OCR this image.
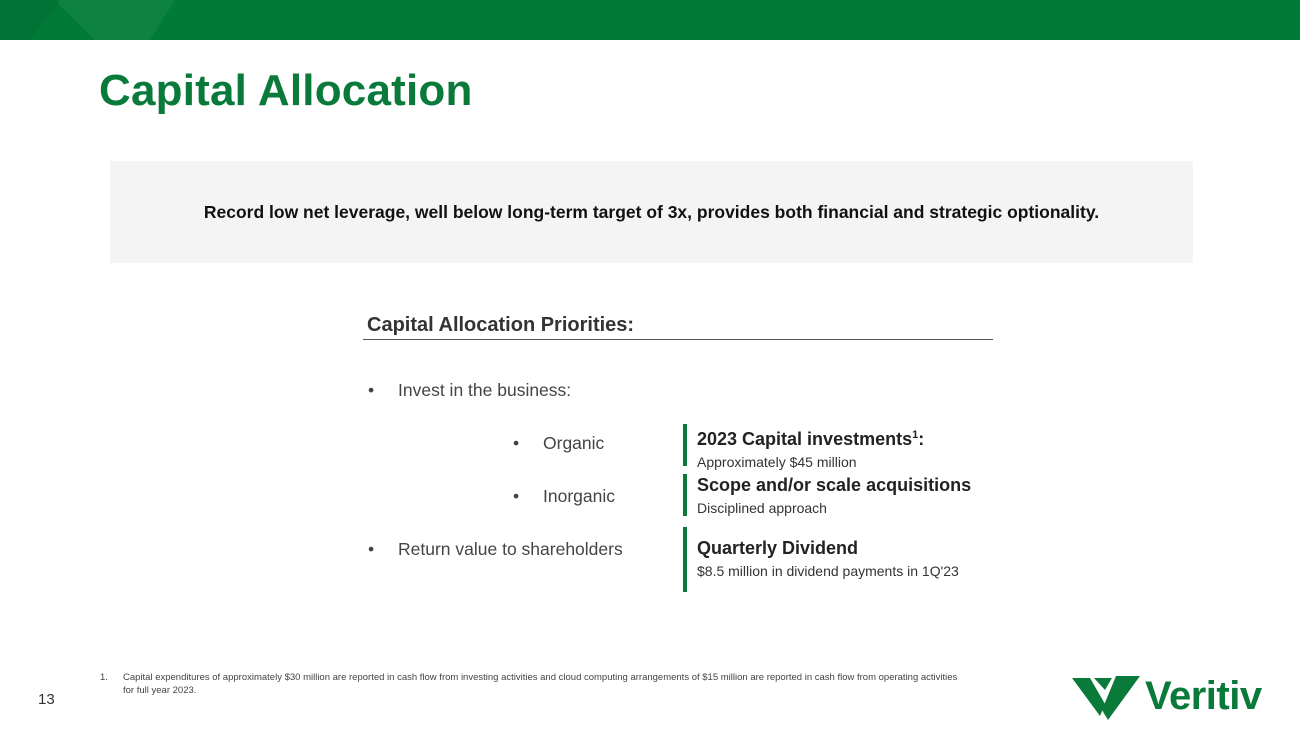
Capital Allocation
Record low net leverage, well below long-term target of 3x, provides both financial and strategic optionality.
Capital Allocation Priorities:
• Invest in the business:
• Organic
• Inorganic
• Return value to shareholders
2023 Capital investments$^1$:
Approximately $45 million
Scope and/or scale acquisitions
Disciplined approach
Quarterly Dividend
$8.5 million in dividend payments in 1Q'23
1.	Capital expenditures of approximately $30 million are reported in cash flow from investing activities and cloud computing arrangements of $15 million are reported in cash flow from operating activities for full year 2023.
13	Veritiv
